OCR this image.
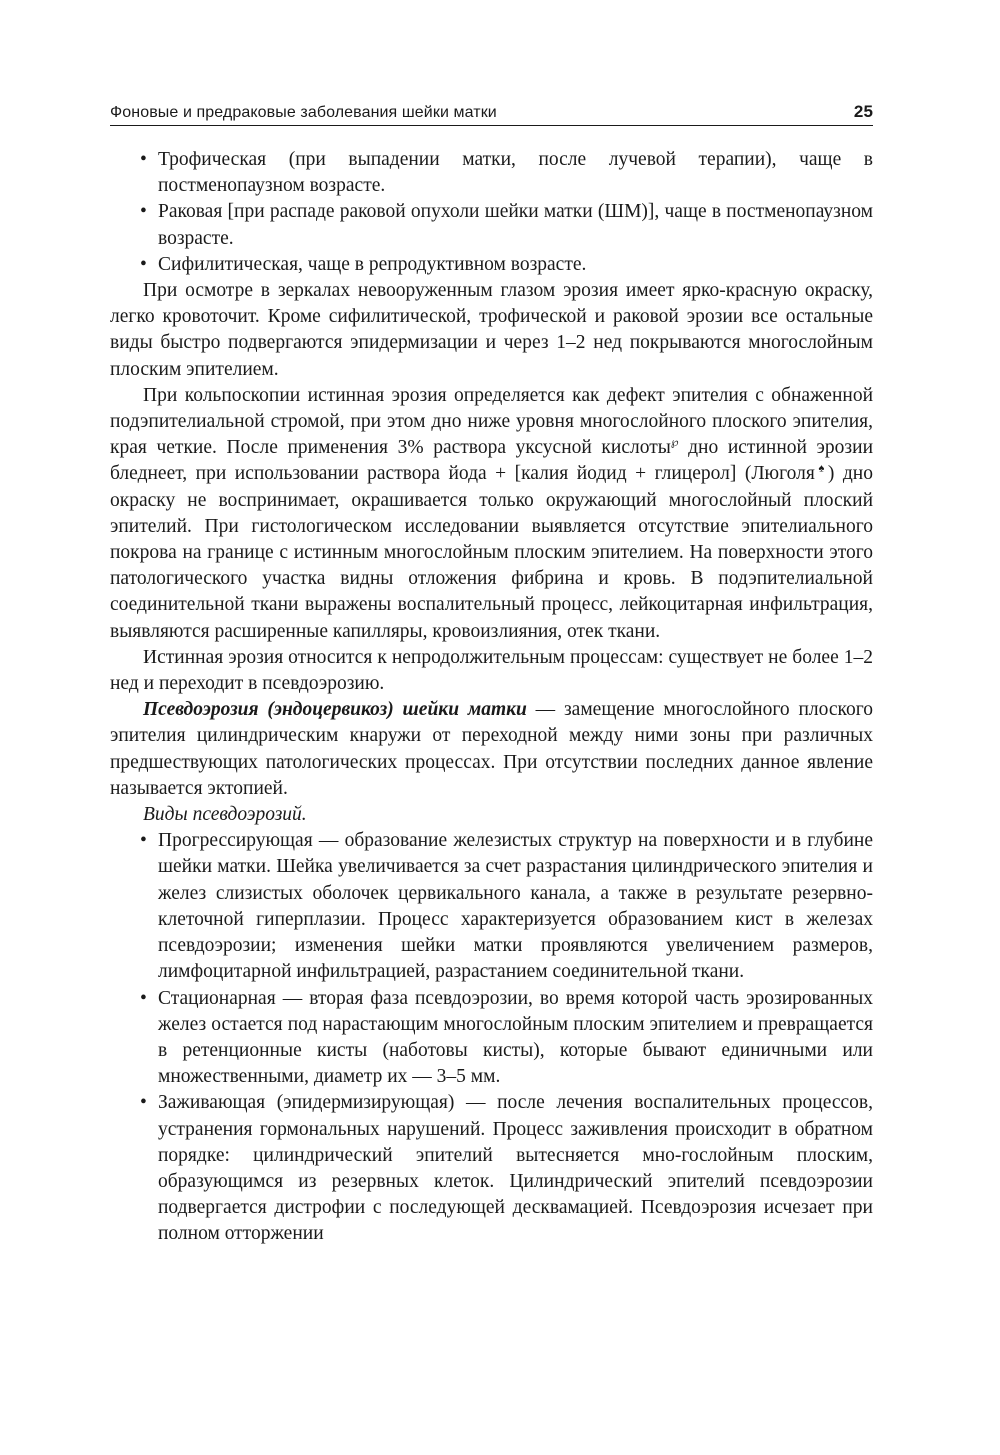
Фоновые и предраковые заболевания шейки матки	25
• Трофическая (при выпадении матки, после лучевой терапии), чаще в постменопаузном возрасте.
• Раковая [при распаде раковой опухоли шейки матки (ШМ)], чаще в постменопаузном возрасте.
• Сифилитическая, чаще в репродуктивном возрасте.

При осмотре в зеркалах невооруженным глазом эрозия имеет ярко-красную окраску, легко кровоточит. Кроме сифилитической, трофической и раковой эрозии все остальные виды быстро подвергаются эпидермизации и через 1–2 нед покрываются многослойным плоским эпителием.

При кольпоскопии истинная эрозия определяется как дефект эпителия с обнаженной подэпителиальной стромой, при этом дно ниже уровня многослойного плоского эпителия, края четкие. После применения 3% раствора уксусной кислоты℘ дно истинной эрозии бледнеет, при использовании раствора йода + [калия йодид + глицерол] (Люголя♠) дно окраску не воспринимает, окрашивается только окружающий многослойный плоский эпителий. При гистологическом исследовании выявляется отсутствие эпителиального покрова на границе с истинным многослойным плоским эпителием. На поверхности этого патологического участка видны отложения фибрина и кровь. В подэпителиальной соединительной ткани выражены воспалительный процесс, лейкоцитарная инфильтрация, выявляются расширенные капилляры, кровоизлияния, отек ткани.

Истинная эрозия относится к непродолжительным процессам: существует не более 1–2 нед и переходит в псевдоэрозию.

Псевдоэрозия (эндоцервикоз) шейки матки — замещение многослойного плоского эпителия цилиндрическим кнаружи от переходной между ними зоны при различных предшествующих патологических процессах. При отсутствии последних данное явление называется эктопией.

Виды псевдоэрозий.

• Прогрессирующая — образование железистых структур на поверхности и в глубине шейки матки. Шейка увеличивается за счет разрастания цилиндрического эпителия и желез слизистых оболочек цервикального канала, а также в результате резервно-клеточной гиперплазии. Процесс характеризуется образованием кист в железах псевдоэрозии; изменения шейки матки проявляются увеличением размеров, лимфоцитарной инфильтрацией, разрастанием соединительной ткани.
• Стационарная — вторая фаза псевдоэрозии, во время которой часть эрозированных желез остается под нарастающим многослойным плоским эпителием и превращается в ретенционные кисты (наботовы кисты), которые бывают единичными или множественными, диаметр их — 3–5 мм.
• Заживающая (эпидермизирующая) — после лечения воспалительных процессов, устранения гормональных нарушений. Процесс заживления происходит в обратном порядке: цилиндрический эпителий вытесняется мно-гослойным плоским, образующимся из резервных клеток. Цилиндрический эпителий псевдоэрозии подвергается дистрофии с последующей десквамацией. Псевдоэрозия исчезает при полном отторжении
